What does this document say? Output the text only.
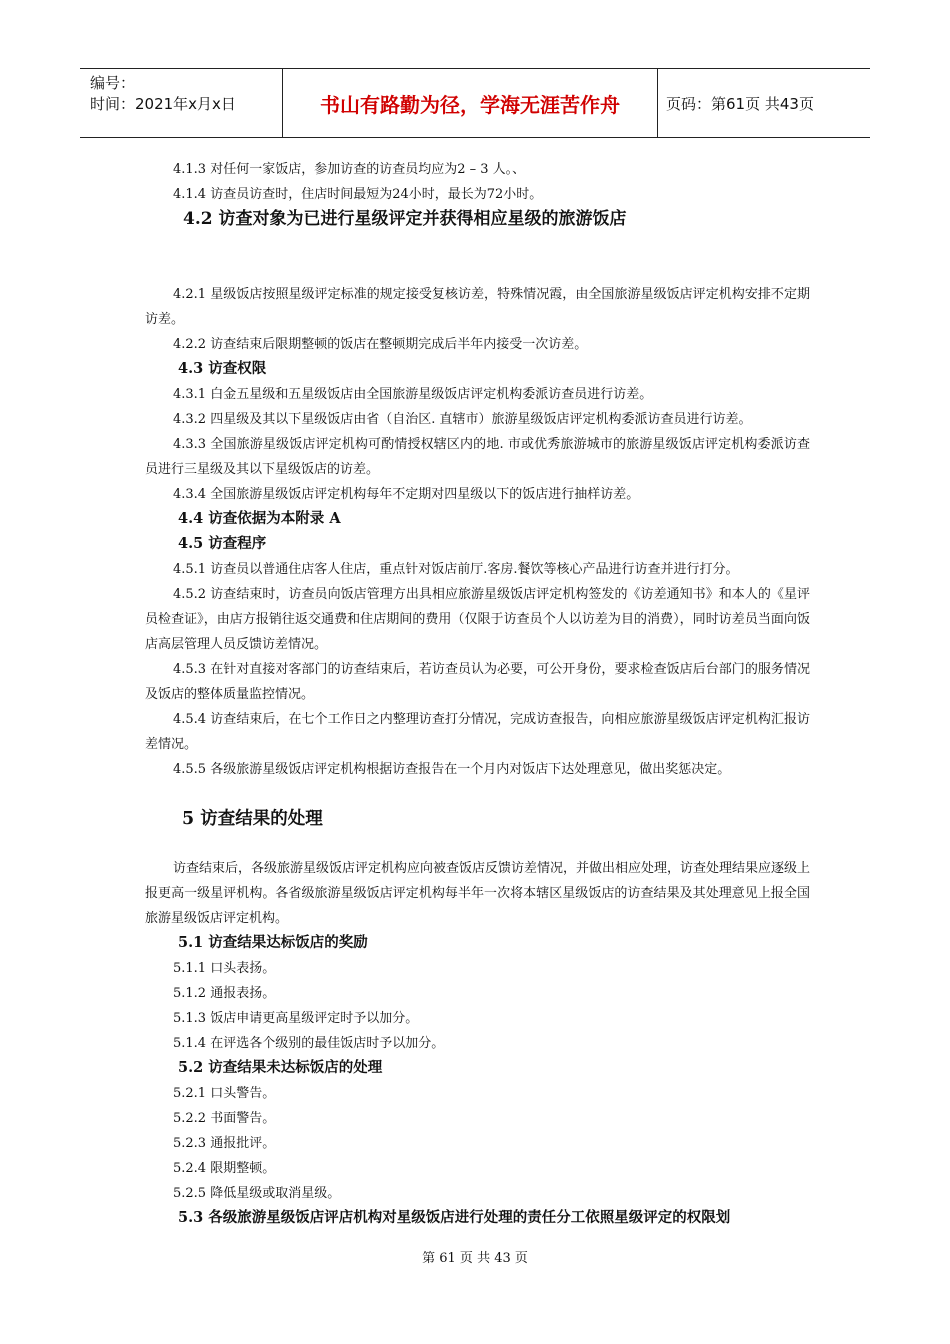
编号：
时间：2021年x月x日	书山有路勤为径，学海无涯苦作舟	页码：第61页 共43页

4.1.3 对任何一家饭店，参加访查的访查员均应为2 – 3 人。、

4.1.4 访查员访查时，住店时间最短为24小时，最长为72小时。

4.2 访查对象为已进行星级评定并获得相应星级的旅游饭店

4.2.1 星级饭店按照星级评定标准的规定接受复核访差，特殊情况霞，由全国旅游星级饭店评定机构安排不定期访差。

4.2.2 访查结束后限期整顿的饭店在整顿期完成后半年内接受一次访差。

4.3 访查权限

4.3.1 白金五星级和五星级饭店由全国旅游星级饭店评定机构委派访查员进行访差。

4.3.2 四星级及其以下星级饭店由省（自治区. 直辖市）旅游星级饭店评定机构委派访查员进行访差。

4.3.3 全国旅游星级饭店评定机构可酌情授权辖区内的地. 市或优秀旅游城市的旅游星级饭店评定机构委派访查员进行三星级及其以下星级饭店的访差。

4.3.4 全国旅游星级饭店评定机构每年不定期对四星级以下的饭店进行抽样访差。

4.4 访查依据为本附录 A
4.5 访查程序

4.5.1 访查员以普通住店客人住店，重点针对饭店前厅.客房.餐饮等核心产品进行访查并进行打分。

4.5.2 访查结束时，访查员向饭店管理方出具相应旅游星级饭店评定机构签发的《访差通知书》和本人的《星评员检查证》，由店方报销往返交通费和住店期间的费用（仅限于访查员个人以访差为目的消费），同时访差员当面向饭店高层管理人员反馈访差情况。

4.5.3 在针对直接对客部门的访查结束后，若访查员认为必要，可公开身份，要求检查饭店后台部门的服务情况及饭店的整体质量监控情况。

4.5.4 访查结束后，在七个工作日之内整理访查打分情况，完成访查报告，向相应旅游星级饭店评定机构汇报访差情况。

4.5.5 各级旅游星级饭店评定机构根据访查报告在一个月内对饭店下达处理意见，做出奖惩决定。

5 访查结果的处理

访查结束后，各级旅游星级饭店评定机构应向被查饭店反馈访差情况，并做出相应处理，访查处理结果应逐级上报更高一级星评机构。各省级旅游星级饭店评定机构每半年一次将本辖区星级饭店的访查结果及其处理意见上报全国旅游星级饭店评定机构。

5.1 访查结果达标饭店的奖励

5.1.1 口头表扬。

5.1.2 通报表扬。

5.1.3 饭店申请更高星级评定时予以加分。

5.1.4 在评选各个级别的最佳饭店时予以加分。

5.2 访查结果未达标饭店的处理

5.2.1 口头警告。

5.2.2 书面警告。

5.2.3 通报批评。

5.2.4 限期整顿。

5.2.5 降低星级或取消星级。

5.3 各级旅游星级饭店评店机构对星级饭店进行处理的责任分工依照星级评定的权限划
第 61 页 共 43 页
